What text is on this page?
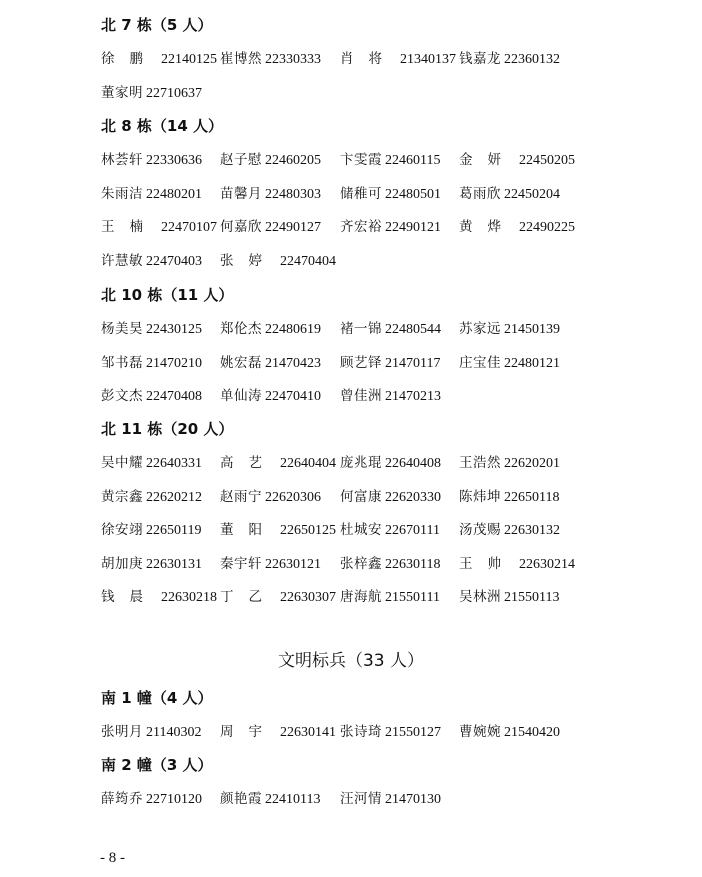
北 7 栋（5 人）
徐鹏 22140125 崔博然 22330333 肖将 21340137 钱嘉龙 22360132
董家明 22710637
北 8 栋（14 人）
林荟轩 22330636 赵子慰 22460205 卞雯霞 22460115 金妍 22450205
朱雨洁 22480201 苗馨月 22480303 储稚可 22480501 葛雨欣 22450204
王楠 22470107 何嘉欣 22490127 齐宏裕 22490121 黄烨 22490225
许慧敏 22470403 张婷 22470404
北 10 栋（11 人）
杨美昊 22430125 郑伦杰 22480619 褚一锦 22480544 苏家远 21450139
邹书磊 21470210 姚宏磊 21470423 顾艺铎 21470117 庄宝佳 22480121
彭文杰 22470408 单仙涛 22470410 曾佳洲 21470213
北 11 栋（20 人）
吴中耀 22640331 高艺 22640404 庞兆琨 22640408 王浩然 22620201
黄宗鑫 22620212 赵雨宁 22620306 何富康 22620330 陈炜坤 22650118
徐安翊 22650119 董阳 22650125 杜城安 22670111 汤茂赐 22630132
胡加庚 22630131 秦宇轩 22630121 张梓鑫 22630118 王帅 22630214
钱晨 22630218 丁乙 22630307 唐海航 21550111 吴林洲 21550113
南 1 幢（4 人）
张明月 21140302 周宇 22630141 张诗琦 21550127 曹婉婉 21540420
南 2 幢（3 人）
薛筠乔 22710120 颜艳霞 22410113 汪河情 21470130
文明标兵（33 人）
- 8 -
